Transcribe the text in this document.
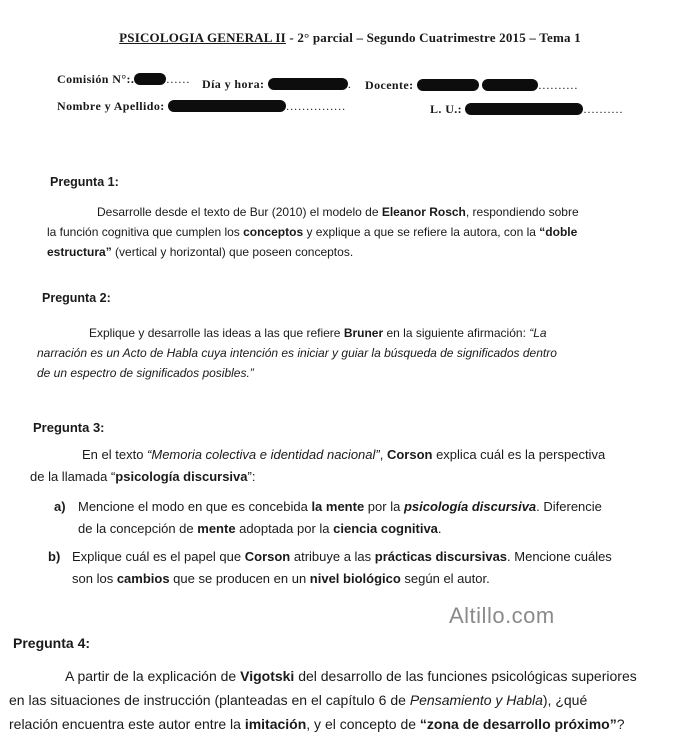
PSICOLOGIA GENERAL II - 2° parcial – Segundo Cuatrimestre 2015 – Tema 1
Comisión N°:.	...... Día y hora:	. Docente:	..........
Nombre y Apellido:	...............	L. U.:	..........
Pregunta 1:
Desarrolle desde el texto de Bur (2010) el modelo de Eleanor Rosch, respondiendo sobre
la función cognitiva que cumplen los conceptos y explique a que se refiere la autora, con la “doble
estructura” (vertical y horizontal) que poseen conceptos.
Pregunta 2:
Explique y desarrolle las ideas a las que refiere Bruner en la siguiente afirmación: “La
narración es un Acto de Habla cuya intención es iniciar y guiar la búsqueda de significados dentro
de un espectro de significados posibles.”
Pregunta 3:
En el texto “Memoria colectiva e identidad nacional”, Corson explica cuál es la perspectiva
de la llamada “psicología discursiva”:
a) Mencione el modo en que es concebida la mente por la psicología discursiva. Diferencie
de la concepción de mente adoptada por la ciencia cognitiva.
b) Explique cuál es el papel que Corson atribuye a las prácticas discursivas. Mencione cuáles
son los cambios que se producen en un nivel biológico según el autor.
Altillo.com
Pregunta 4:
A partir de la explicación de Vigotski del desarrollo de las funciones psicológicas superiores
en las situaciones de instrucción (planteadas en el capítulo 6 de Pensamiento y Habla), ¿qué
relación encuentra este autor entre la imitación, y el concepto de “zona de desarrollo próximo”?
